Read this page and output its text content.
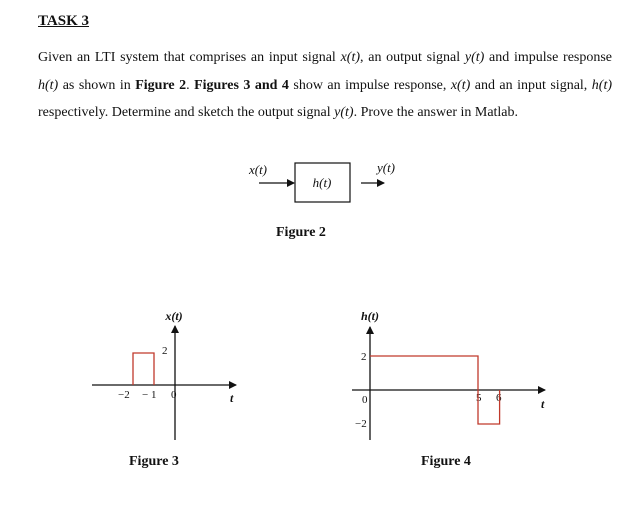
TASK 3
Given an LTI system that comprises an input signal x(t), an output signal y(t) and impulse response h(t) as shown in Figure 2. Figures 3 and 4 show an impulse response, x(t) and an input signal, h(t) respectively. Determine and sketch the output signal y(t). Prove the answer in Matlab.
x(t)
h(t)
y(t)
x(t)
t
2
−2 − 1 0
h(t)
t
2
0
−2
5 6
Figure 2
Figure 3	Figure 4
